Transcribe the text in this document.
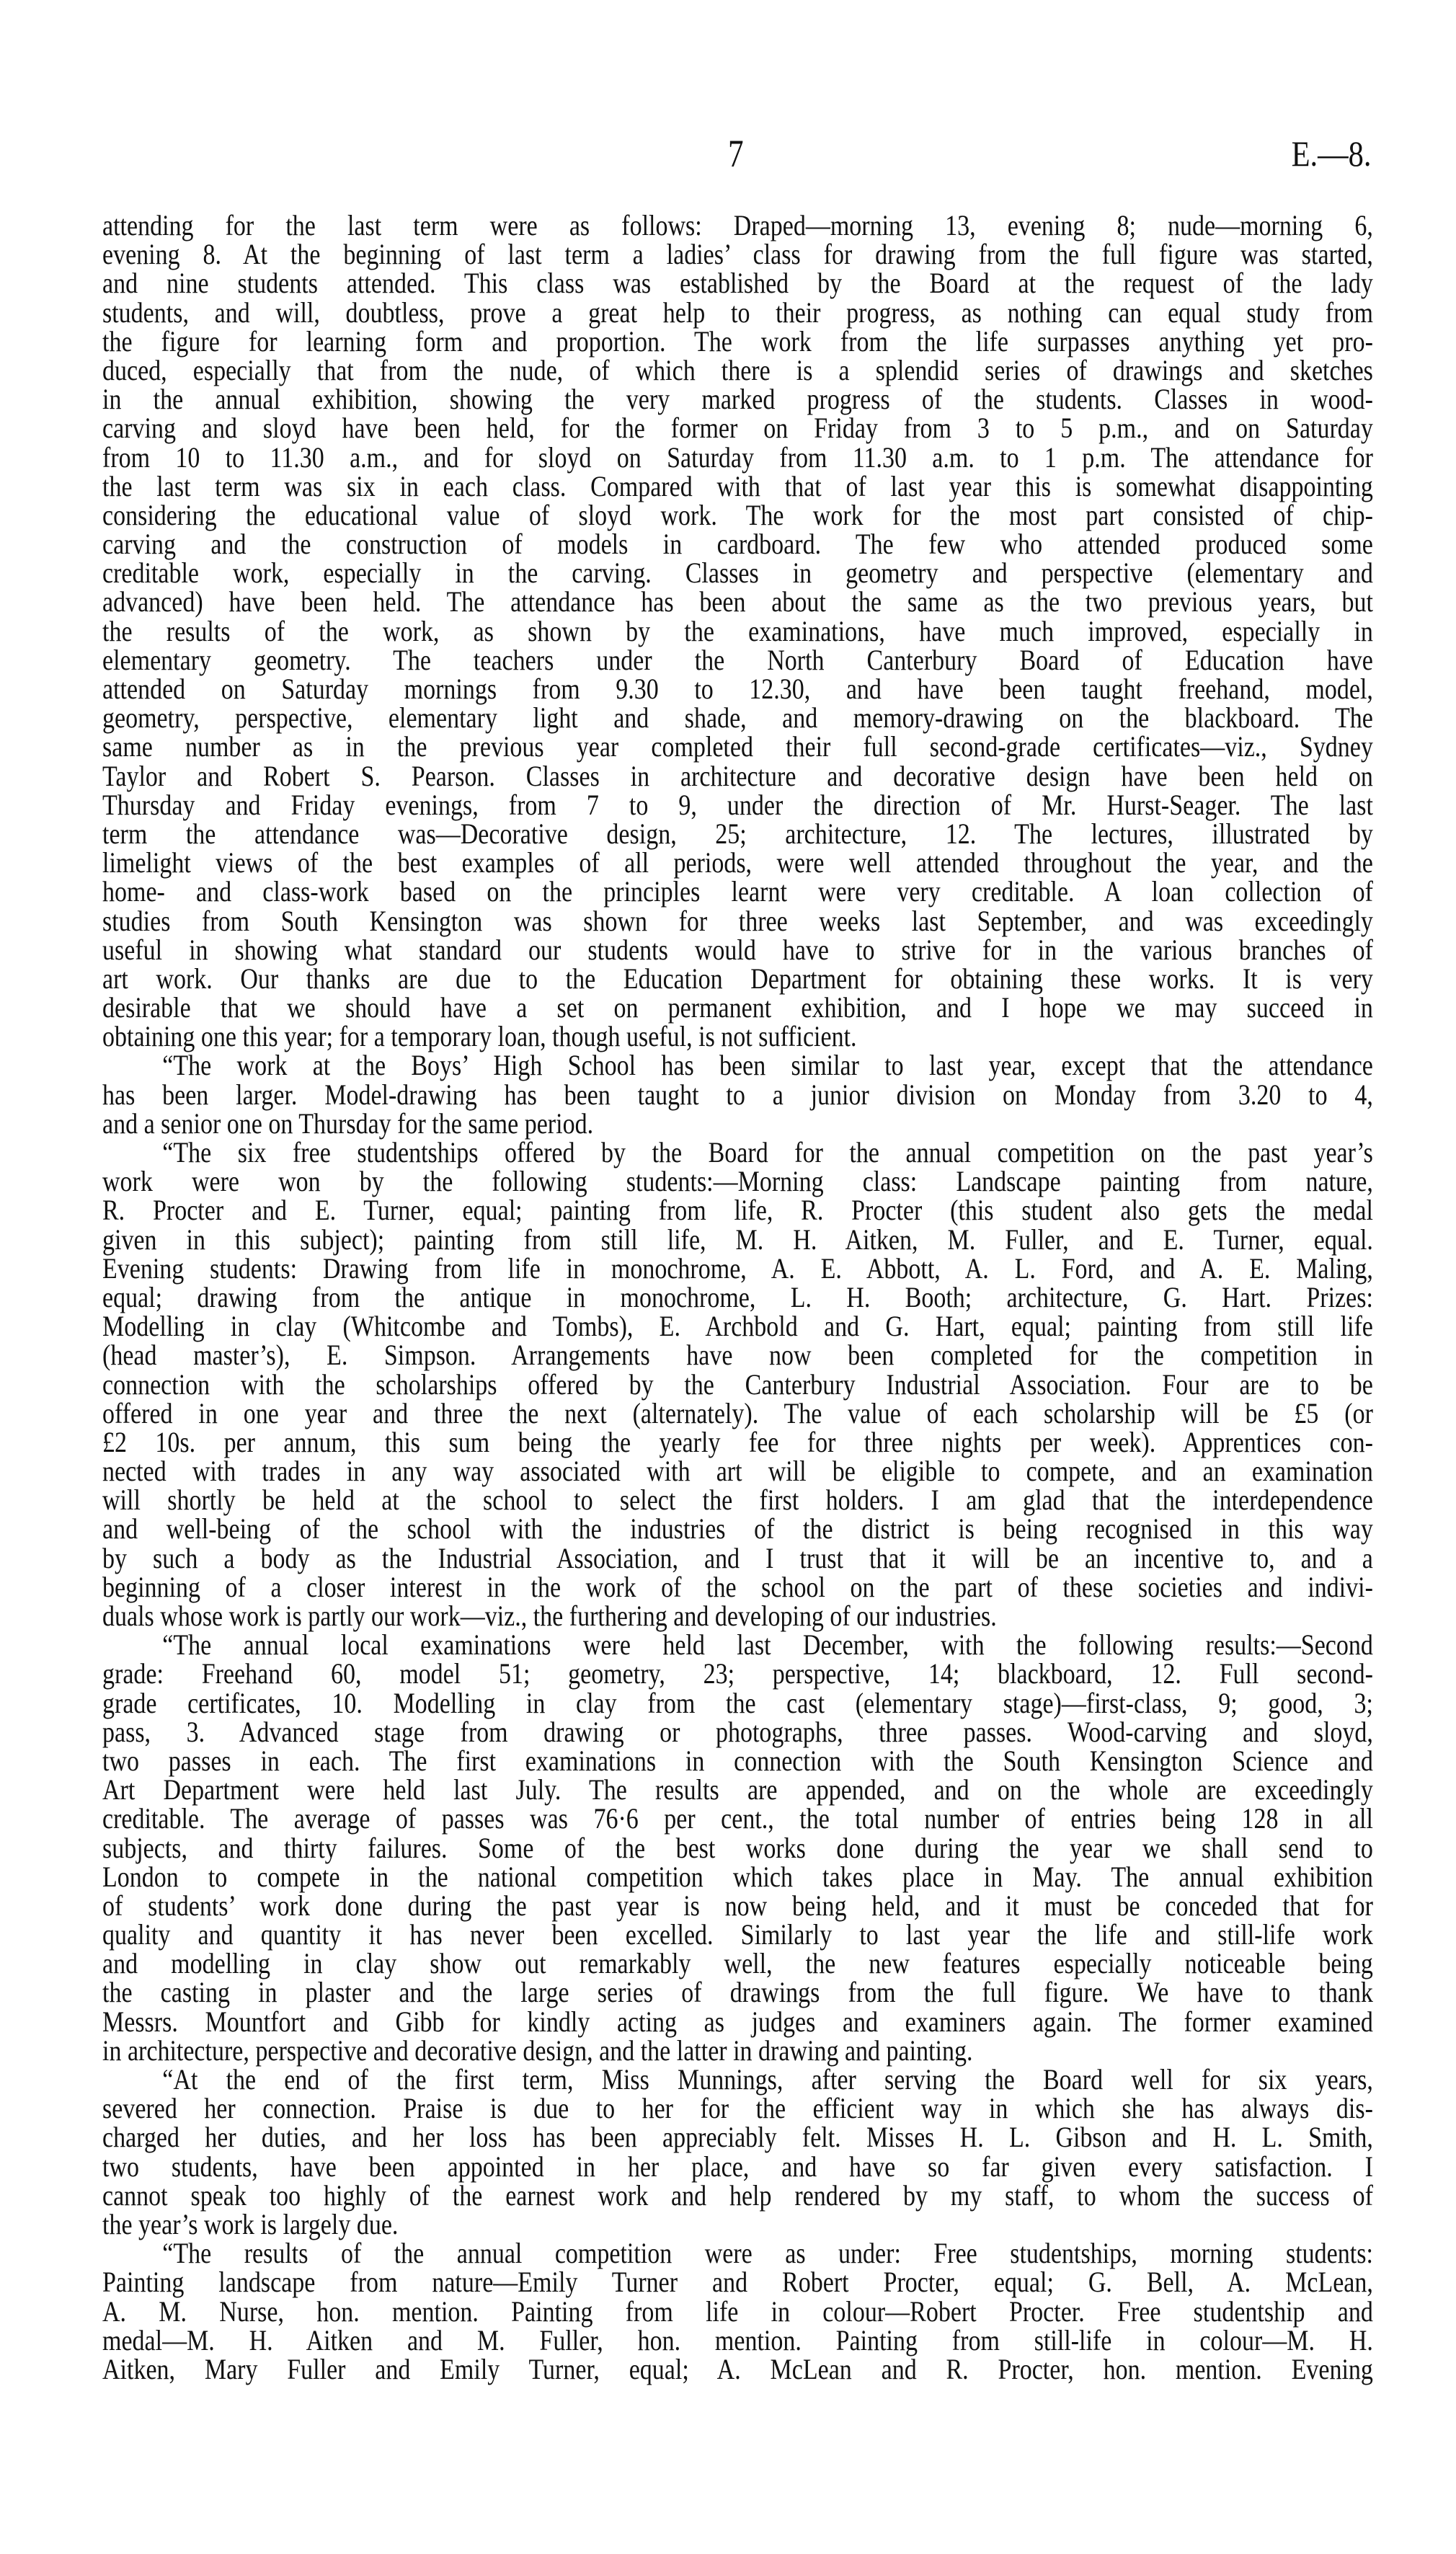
7	E.—8.
attending for the last term were as follows: Draped—morning 13, evening 8; nude—morning 6,
evening 8. At the beginning of last term a ladies’ class for drawing from the full figure was started,
and nine students attended. This class was established by the Board at the request of the lady
students, and will, doubtless, prove a great help to their progress, as nothing can equal study from
the figure for learning form and proportion. The work from the life surpasses anything yet pro-
duced, especially that from the nude, of which there is a splendid series of drawings and sketches
in the annual exhibition, showing the very marked progress of the students. Classes in wood-
carving and sloyd have been held, for the former on Friday from 3 to 5 p.m., and on Saturday
from 10 to 11.30 a.m., and for sloyd on Saturday from 11.30 a.m. to 1 p.m. The attendance for
the last term was six in each class. Compared with that of last year this is somewhat disappointing
considering the educational value of sloyd work. The work for the most part consisted of chip-
carving and the construction of models in cardboard. The few who attended produced some
creditable work, especially in the carving. Classes in geometry and perspective (elementary and
advanced) have been held. The attendance has been about the same as the two previous years, but
the results of the work, as shown by the examinations, have much improved, especially in
elementary geometry. The teachers under the North Canterbury Board of Education have
attended on Saturday mornings from 9.30 to 12.30, and have been taught freehand, model,
geometry, perspective, elementary light and shade, and memory-drawing on the blackboard. The
same number as in the previous year completed their full second-grade certificates—viz., Sydney
Taylor and Robert S. Pearson. Classes in architecture and decorative design have been held on
Thursday and Friday evenings, from 7 to 9, under the direction of Mr. Hurst-Seager. The last
term the attendance was—Decorative design, 25; architecture, 12. The lectures, illustrated by
limelight views of the best examples of all periods, were well attended throughout the year, and the
home- and class-work based on the principles learnt were very creditable. A loan collection of
studies from South Kensington was shown for three weeks last September, and was exceedingly
useful in showing what standard our students would have to strive for in the various branches of
art work. Our thanks are due to the Education Department for obtaining these works. It is very
desirable that we should have a set on permanent exhibition, and I hope we may succeed in
obtaining one this year; for a temporary loan, though useful, is not sufficient.
“The work at the Boys’ High School has been similar to last year, except that the attendance
has been larger. Model-drawing has been taught to a junior division on Monday from 3.20 to 4,
and a senior one on Thursday for the same period.
“The six free studentships offered by the Board for the annual competition on the past year’s
work were won by the following students:—Morning class: Landscape painting from nature,
R. Procter and E. Turner, equal; painting from life, R. Procter (this student also gets the medal
given in this subject); painting from still life, M. H. Aitken, M. Fuller, and E. Turner, equal.
Evening students: Drawing from life in monochrome, A. E. Abbott, A. L. Ford, and A. E. Maling,
equal; drawing from the antique in monochrome, L. H. Booth; architecture, G. Hart. Prizes:
Modelling in clay (Whitcombe and Tombs), E. Archbold and G. Hart, equal; painting from still life
(head master’s), E. Simpson. Arrangements have now been completed for the competition in
connection with the scholarships offered by the Canterbury Industrial Association. Four are to be
offered in one year and three the next (alternately). The value of each scholarship will be £5 (or
£2 10s. per annum, this sum being the yearly fee for three nights per week). Apprentices con-
nected with trades in any way associated with art will be eligible to compete, and an examination
will shortly be held at the school to select the first holders. I am glad that the interdependence
and well-being of the school with the industries of the district is being recognised in this way
by such a body as the Industrial Association, and I trust that it will be an incentive to, and a
beginning of a closer interest in the work of the school on the part of these societies and indivi-
duals whose work is partly our work—viz., the furthering and developing of our industries.
“The annual local examinations were held last December, with the following results:—Second
grade: Freehand 60, model 51; geometry, 23; perspective, 14; blackboard, 12. Full second-
grade certificates, 10. Modelling in clay from the cast (elementary stage)—first-class, 9; good, 3;
pass, 3. Advanced stage from drawing or photographs, three passes. Wood-carving and sloyd,
two passes in each. The first examinations in connection with the South Kensington Science and
Art Department were held last July. The results are appended, and on the whole are exceedingly
creditable. The average of passes was 76·6 per cent., the total number of entries being 128 in all
subjects, and thirty failures. Some of the best works done during the year we shall send to
London to compete in the national competition which takes place in May. The annual exhibition
of students’ work done during the past year is now being held, and it must be conceded that for
quality and quantity it has never been excelled. Similarly to last year the life and still-life work
and modelling in clay show out remarkably well, the new features especially noticeable being
the casting in plaster and the large series of drawings from the full figure. We have to thank
Messrs. Mountfort and Gibb for kindly acting as judges and examiners again. The former examined
in architecture, perspective and decorative design, and the latter in drawing and painting.
“At the end of the first term, Miss Munnings, after serving the Board well for six years,
severed her connection. Praise is due to her for the efficient way in which she has always dis-
charged her duties, and her loss has been appreciably felt. Misses H. L. Gibson and H. L. Smith,
two students, have been appointed in her place, and have so far given every satisfaction. I
cannot speak too highly of the earnest work and help rendered by my staff, to whom the success of
the year’s work is largely due.
“The results of the annual competition were as under: Free studentships, morning students:
Painting landscape from nature—Emily Turner and Robert Procter, equal; G. Bell, A. McLean,
A. M. Nurse, hon. mention. Painting from life in colour—Robert Procter. Free studentship and
medal—M. H. Aitken and M. Fuller, hon. mention. Painting from still-life in colour—M. H.
Aitken, Mary Fuller and Emily Turner, equal; A. McLean and R. Procter, hon. mention. Evening
